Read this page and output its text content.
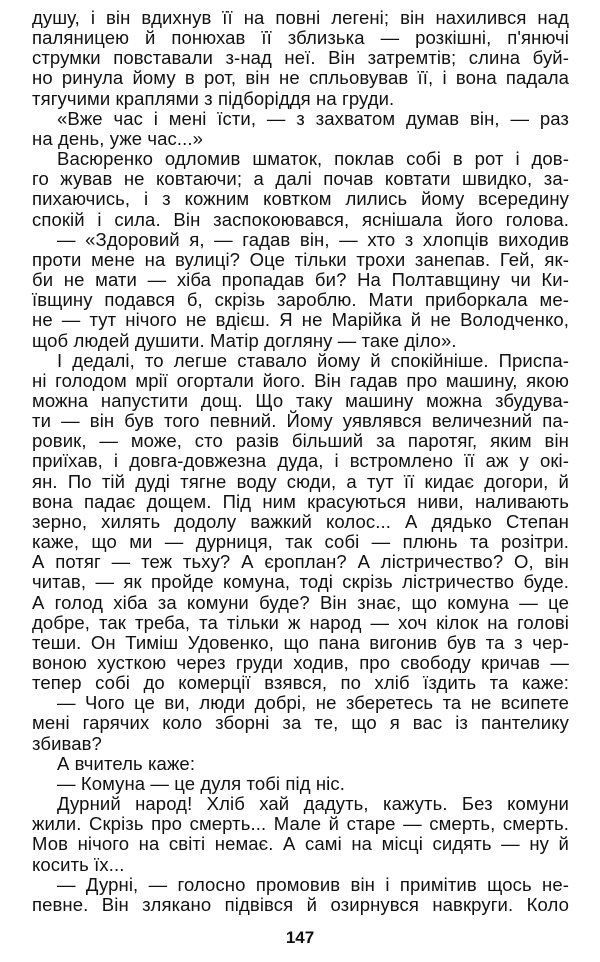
душу, і він вдихнув її на повні легені; він нахилився над
паляницею й понюхав її зблизька — розкішні, п'янючі
струмки повставали з-над неї. Він затремтів; слина буй-
но ринула йому в рот, він не спльовував її, і вона падала
тягучими краплями з підборіддя на груди.
«Вже час і мені їсти, — з захватом думав він, — раз
на день, уже час...»
Васюренко одломив шматок, поклав собі в рот і дов-
го жував не ковтаючи; а далі почав ковтати швидко, за-
пихаючись, і з кожним ковтком лились йому всередину
спокій і сила. Він заспокоювався, яснішала його голова.
— «Здоровий я, — гадав він, — хто з хлопців виходив
проти мене на вулиці? Оце тільки трохи занепав. Гей, як-
би не мати — хіба пропадав би? На Полтавщину чи Ки-
ївщину подався б, скрізь зароблю. Мати приборкала ме-
не — тут нічого не вдієш. Я не Марійка й не Володченко,
щоб людей душити. Матір догляну — таке діло».
І дедалі, то легше ставало йому й спокійніше. Приспа-
ні голодом мрії огортали його. Він гадав про машину, якою
можна напустити дощ. Що таку машину можна збудува-
ти — він був того певний. Йому уявлявся величезний па-
ровик, — може, сто разів більший за паротяг, яким він
приїхав, і довга-довжезна дуда, і встромлено її аж у окі-
ян. По тій дуді тягне воду сюди, а тут її кидає догори, й
вона падає дощем. Під ним красуються ниви, наливають
зерно, хилять додолу важкий колос... А дядько Степан
каже, що ми — дурниця, так собі — плюнь та розітри.
А потяг — теж тьху? А єроплан? А лістричество? О, він
читав, — як пройде комуна, тоді скрізь лістричество буде.
А голод хіба за комуни буде? Він знає, що комуна — це
добре, так треба, та тільки ж народ — хоч кілок на голові
теши. Он Тиміш Удовенко, що пана вигонив був та з чер-
воною хусткою через груди ходив, про свободу кричав —
тепер собі до комерції взявся, по хліб їздить та каже:
— Чого це ви, люди добрі, не зберетесь та не всипете
мені гарячих коло зборні за те, що я вас із пантелику
збивав?
А вчитель каже:
— Комуна — це дуля тобі під ніс.
Дурний народ! Хліб хай дадуть, кажуть. Без комуни
жили. Скрізь про смерть... Мале й старе — смерть, смерть.
Мов нічого на світі немає. А самі на місці сидять — ну й
косить їх...
— Дурні, — голосно промовив він і примітив щось не-
певне. Він злякано підвівся й озирнувся навкруги. Коло
147
